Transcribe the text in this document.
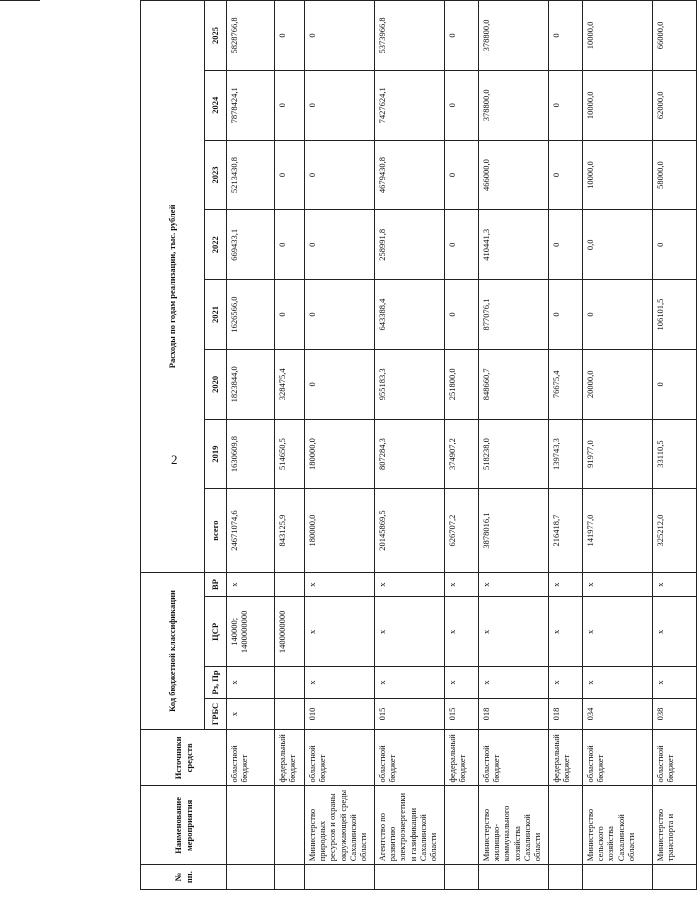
2
№ пп.	Наименование мероприятия	Источники средств	Код бюджетной классификации				Расходы по годам реализации, тыс. рублей							
			ГРБС	Рз, Пр	ЦСР	ВР	всего	2019	2020	2021	2022	2023	2024	2025
		областной бюджет	x	x	140000; 1400000000	x	24671074,6	1630609,8	1823844,0	1626566,0	669433,1	5213430,8	7878424,1	5828766,8
		федеральный бюджет			1400000000		843125,9	514650,5	328475,4	0	0	0	0	0
	Министерство природных ресурсов и охраны окружающей среды Сахалинской области	областной бюджет	010	x	x	x	180000,0	180000,0	0	0	0	0	0	0
	Агентство по развитию электроэнергетики и газификации Сахалинской области	областной бюджет	015	x	x	x	20145869,5	807284,3	955183,3	643388,4	258991,8	4679430,8	7427624,1	5373966,8
		федеральный бюджет	015	x	x	x	626707,2	374907,2	251800,0	0	0	0	0	0
	Министерство жилищно-коммунального хозяйства Сахалинской области	областной бюджет	018	x	x	x	3878016,1	518238,0	848660,7	877076,1	410441,3	466000,0	378800,0	378800,0
		федеральный бюджет	018	x	x	x	216418,7	139743,3	76675,4	0	0	0	0	0
	Министерство сельского хозяйства Сахалинской области	областной бюджет	034	x	x	x	141977,0	91977,0	20000,0	0	0,0	10000,0	10000,0	10000,0
	Министерство транспорта и	областной бюджет	038	x	x	x	325212,0	33110,5	0	106101,5	0	58000,0	62000,0	66000,0
